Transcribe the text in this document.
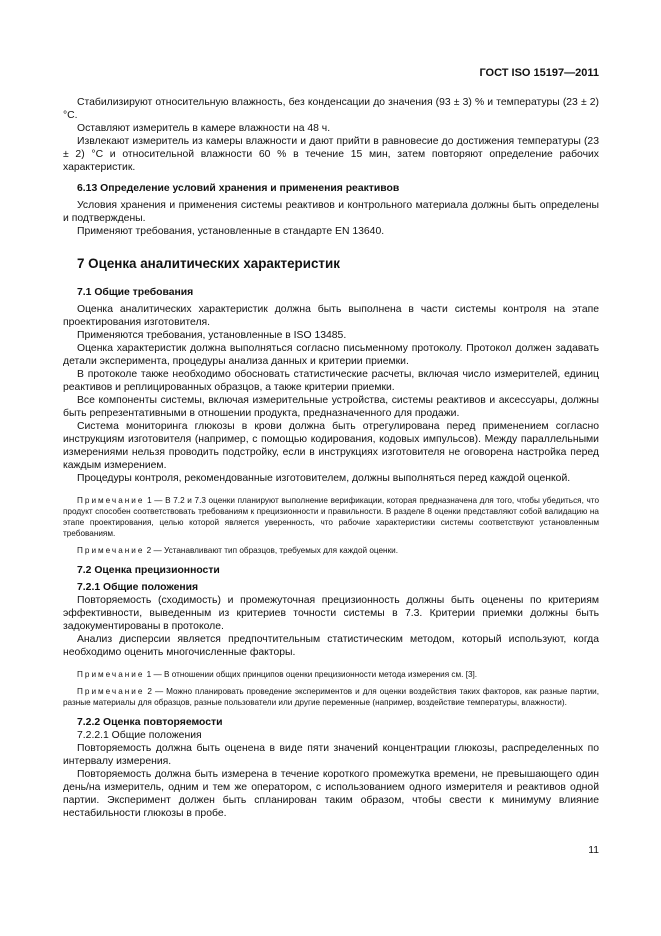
ГОСТ ISO 15197—2011

Стабилизируют относительную влажность, без конденсации до значения (93 ± 3) % и температуры (23 ± 2) °С.

Оставляют измеритель в камере влажности на 48 ч.

Извлекают измеритель из камеры влажности и дают прийти в равновесие до достижения температуры (23 ± 2) °С и относительной влажности 60 % в течение 15 мин, затем повторяют определение рабочих характеристик.

6.13 Определение условий хранения и применения реактивов

Условия хранения и применения системы реактивов и контрольного материала должны быть определены и подтверждены.

Применяют требования, установленные в стандарте EN 13640.

7 Оценка аналитических характеристик
7.1 Общие требования

Оценка аналитических характеристик должна быть выполнена в части системы контроля на этапе проектирования изготовителя.

Применяются требования, установленные в ISO 13485.

Оценка характеристик должна выполняться согласно письменному протоколу. Протокол должен задавать детали эксперимента, процедуры анализа данных и критерии приемки.

В протоколе также необходимо обосновать статистические расчеты, включая число измерителей, единиц реактивов и реплицированных образцов, а также критерии приемки.

Все компоненты системы, включая измерительные устройства, системы реактивов и аксессуары, должны быть репрезентативными в отношении продукта, предназначенного для продажи.

Система мониторинга глюкозы в крови должна быть отрегулирована перед применением согласно инструкциям изготовителя (например, с помощью кодирования, кодовых импульсов). Между параллельными измерениями нельзя проводить подстройку, если в инструкциях изготовителя не оговорена настройка перед каждым измерением.

Процедуры контроля, рекомендованные изготовителем, должны выполняться перед каждой оценкой.

Примечание 1 — В 7.2 и 7.3 оценки планируют выполнение верификации, которая предназначена для того, чтобы убедиться, что продукт способен соответствовать требованиям к прецизионности и правильности. В разделе 8 оценки представляют собой валидацию на этапе проектирования, целью которой является уверенность, что рабочие характеристики системы соответствуют установленным требованиям.

Примечание 2 — Устанавливают тип образцов, требуемых для каждой оценки.

7.2 Оценка прецизионности
7.2.1 Общие положения

Повторяемость (сходимость) и промежуточная прецизионность должны быть оценены по критериям эффективности, выведенным из критериев точности системы в 7.3. Критерии приемки должны быть задокументированы в протоколе.

Анализ дисперсии является предпочтительным статистическим методом, который используют, когда необходимо оценить многочисленные факторы.

Примечание 1 — В отношении общих принципов оценки прецизионности метода измерения см. [3].

Примечание 2 — Можно планировать проведение экспериментов и для оценки воздействия таких факторов, как разные партии, разные материалы для образцов, разные пользователи или другие переменные (например, воздействие температуры, влажности).

7.2.2 Оценка повторяемости

7.2.2.1 Общие положения

Повторяемость должна быть оценена в виде пяти значений концентрации глюкозы, распределенных по интервалу измерения.

Повторяемость должна быть измерена в течение короткого промежутка времени, не превышающего один день/на измеритель, одним и тем же оператором, с использованием одного измерителя и реактивов одной партии. Эксперимент должен быть спланирован таким образом, чтобы свести к минимуму влияние нестабильности глюкозы в пробе.

11
